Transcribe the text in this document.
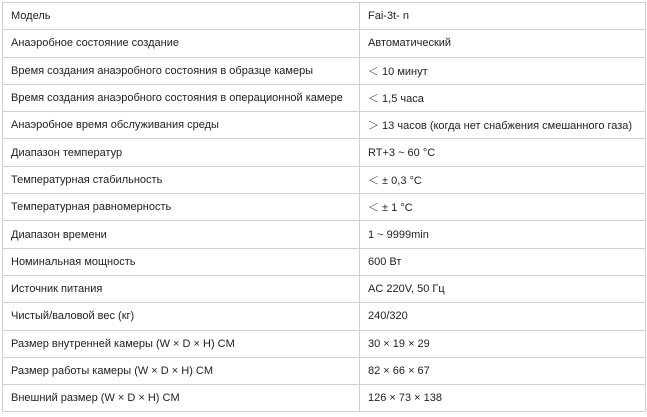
Модель	Fai-3t- n
Анаэробное состояние создание	Автоматический
Время создания анаэробного состояния в образце камеры	＜ 10 минут
Время создания анаэробного состояния в операционной камере	＜ 1,5 часа
Анаэробное время обслуживания среды	＞ 13 часов (когда нет снабжения смешанного газа)
Диапазон температур	RT+3 ~ 60 °C
Температурная стабильность	＜ ± 0,3 °C
Температурная равномерность	＜ ± 1 °C
Диапазон времени	1 ~ 9999min
Номинальная мощность	600 Вт
Источник питания	AC 220V, 50 Гц
Чистый/валовой вес (кг)	240/320
Размер внутренней камеры (W × D × H) CM	30 × 19 × 29
Размер работы камеры (W × D × H) CM	82 × 66 × 67
Внешний размер (W × D × H) CM	126 × 73 × 138
